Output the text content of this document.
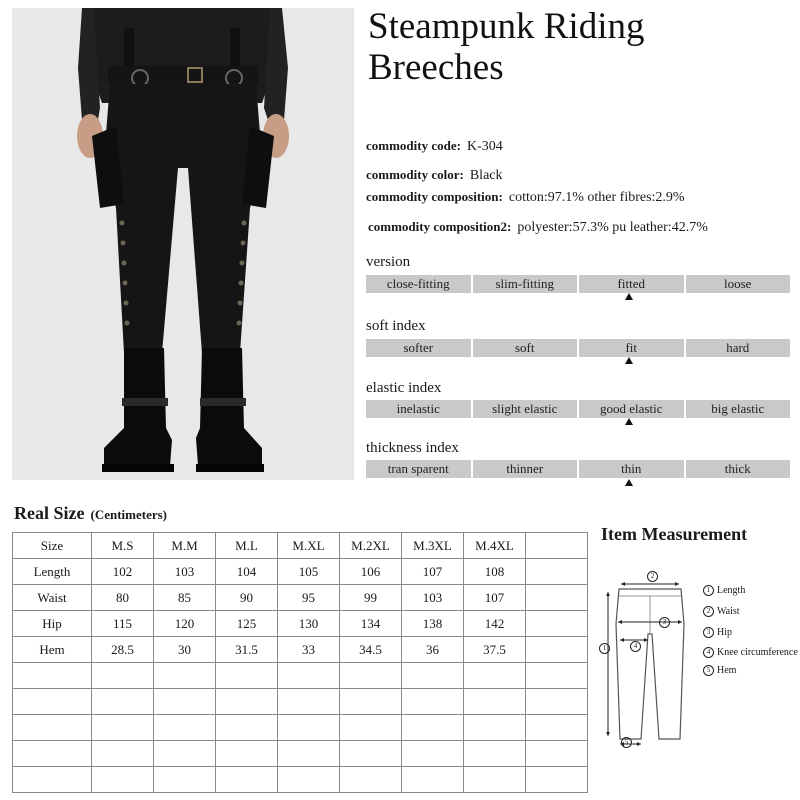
Steampunk Riding
Breeches
commodity code: K-304
commodity color: Black
commodity composition: cotton:97.1% other fibres:2.9%
commodity composition2: polyester:57.3% pu leather:42.7%
version
close-fitting	slim-fitting	fitted	loose
soft index
softer	soft	fit	hard
elastic index
inelastic	slight elastic	good elastic	big elastic
thickness index
tran sparent	thinner	thin	thick
Real Size (Centimeters)
Size	M.S	M.M	M.L	M.XL	M.2XL	M.3XL	M.4XL	
Length	102	103	104	105	106	107	108	
Waist	80	85	90	95	99	103	107	
Hip	115	120	125	130	134	138	142	
Hem	28.5	30	31.5	33	34.5	36	37.5	

Item Measurement
2
3
4
1
5
1 Length
2 Waist
3 Hip
4 Knee circumference
5 Hem
